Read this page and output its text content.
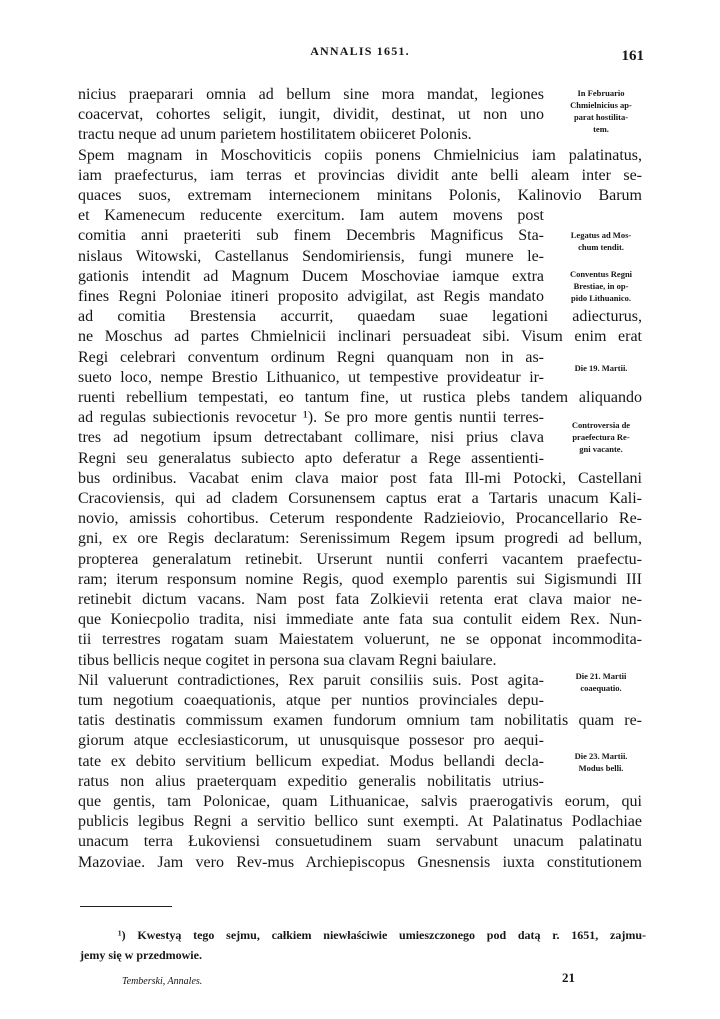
ANNALIS 1651.	161
nicius praeparari omnia ad bellum sine mora mandat, legiones
coacervat, cohortes seligit, iungit, dividit, destinat, ut non uno
tractu neque ad unum parietem hostilitatem obiiceret Polonis.
Spem magnam in Moschoviticis copiis ponens Chmielnicius iam palatinatus,
iam praefecturus, iam terras et provincias dividit ante belli aleam inter se-
quaces suos, extremam internecionem minitans Polonis, Kalinovio Barum
et Kamenecum reducente exercitum. Iam autem movens post
comitia anni praeteriti sub finem Decembris Magnificus Sta-
nislaus Witowski, Castellanus Sendomiriensis, fungi munere le-
gationis intendit ad Magnum Ducem Moschoviae iamque extra
fines Regni Poloniae itineri proposito advigilat, ast Regis mandato
ad comitia Brestensia accurrit, quaedam suae legationi adiecturus,
ne Moschus ad partes Chmielnicii inclinari persuadeat sibi. Visum enim erat
Regi celebrari conventum ordinum Regni quanquam non in as-
sueto loco, nempe Brestio Lithuanico, ut tempestive provideatur ir-
ruenti rebellium tempestati, eo tantum fine, ut rustica plebs tandem aliquando
ad regulas subiectionis revocetur ¹). Se pro more gentis nuntii terres-
tres ad negotium ipsum detrectabant collimare, nisi prius clava
Regni seu generalatus subiecto apto deferatur a Rege assentienti-
bus ordinibus. Vacabat enim clava maior post fata Ill-mi Potocki, Castellani
Cracoviensis, qui ad cladem Corsunensem captus erat a Tartaris unacum Kali-
novio, amissis cohortibus. Ceterum respondente Radzieiovio, Procancellario Re-
gni, ex ore Regis declaratum: Serenissimum Regem ipsum progredi ad bellum,
propterea generalatum retinebit. Urserunt nuntii conferri vacantem praefectu-
ram; iterum responsum nomine Regis, quod exemplo parentis sui Sigismundi III
retinebit dictum vacans. Nam post fata Zolkievii retenta erat clava maior ne-
que Koniecpolio tradita, nisi immediate ante fata sua contulit eidem Rex. Nun-
tii terrestres rogatam suam Maiestatem voluerunt, ne se opponat incommodita-
tibus bellicis neque cogitet in persona sua clavam Regni baiulare.
Nil valuerunt contradictiones, Rex paruit consiliis suis. Post agita-
tum negotium coaequationis, atque per nuntios provinciales depu-
tatis destinatis commissum examen fundorum omnium tam nobilitatis quam re-
giorum atque ecclesiasticorum, ut unusquisque possesor pro aequi-
tate ex debito servitium bellicum expediat. Modus bellandi decla-
ratus non alius praeterquam expeditio generalis nobilitatis utrius-
que gentis, tam Polonicae, quam Lithuanicae, salvis praerogativis eorum, qui
publicis legibus Regni a servitio bellico sunt exempti. At Palatinatus Podlachiae
unacum terra Łukoviensi consuetudinem suam servabunt unacum palatinatu
Mazoviae. Jam vero Rev-mus Archiepiscopus Gnesnensis iuxta constitutionem
In Februario
Chmielnicius ap-
parat hostilita-
tem.
Legatus ad Mos-
chum tendit.
Conventus Regni
Brestiae, in op-
pido Lithuanico.
Die 19. Martii.
Controversia de
praefectura Re-
gni vacante.
Die 21. Martii
coaequatio.
Die 23. Martii.
Modus belli.
¹) Kwestyą tego sejmu, całkiem niewłaściwie umieszczonego pod datą r. 1651, zajmu-
jemy się w przedmowie.
Temberski, Annales.	21
